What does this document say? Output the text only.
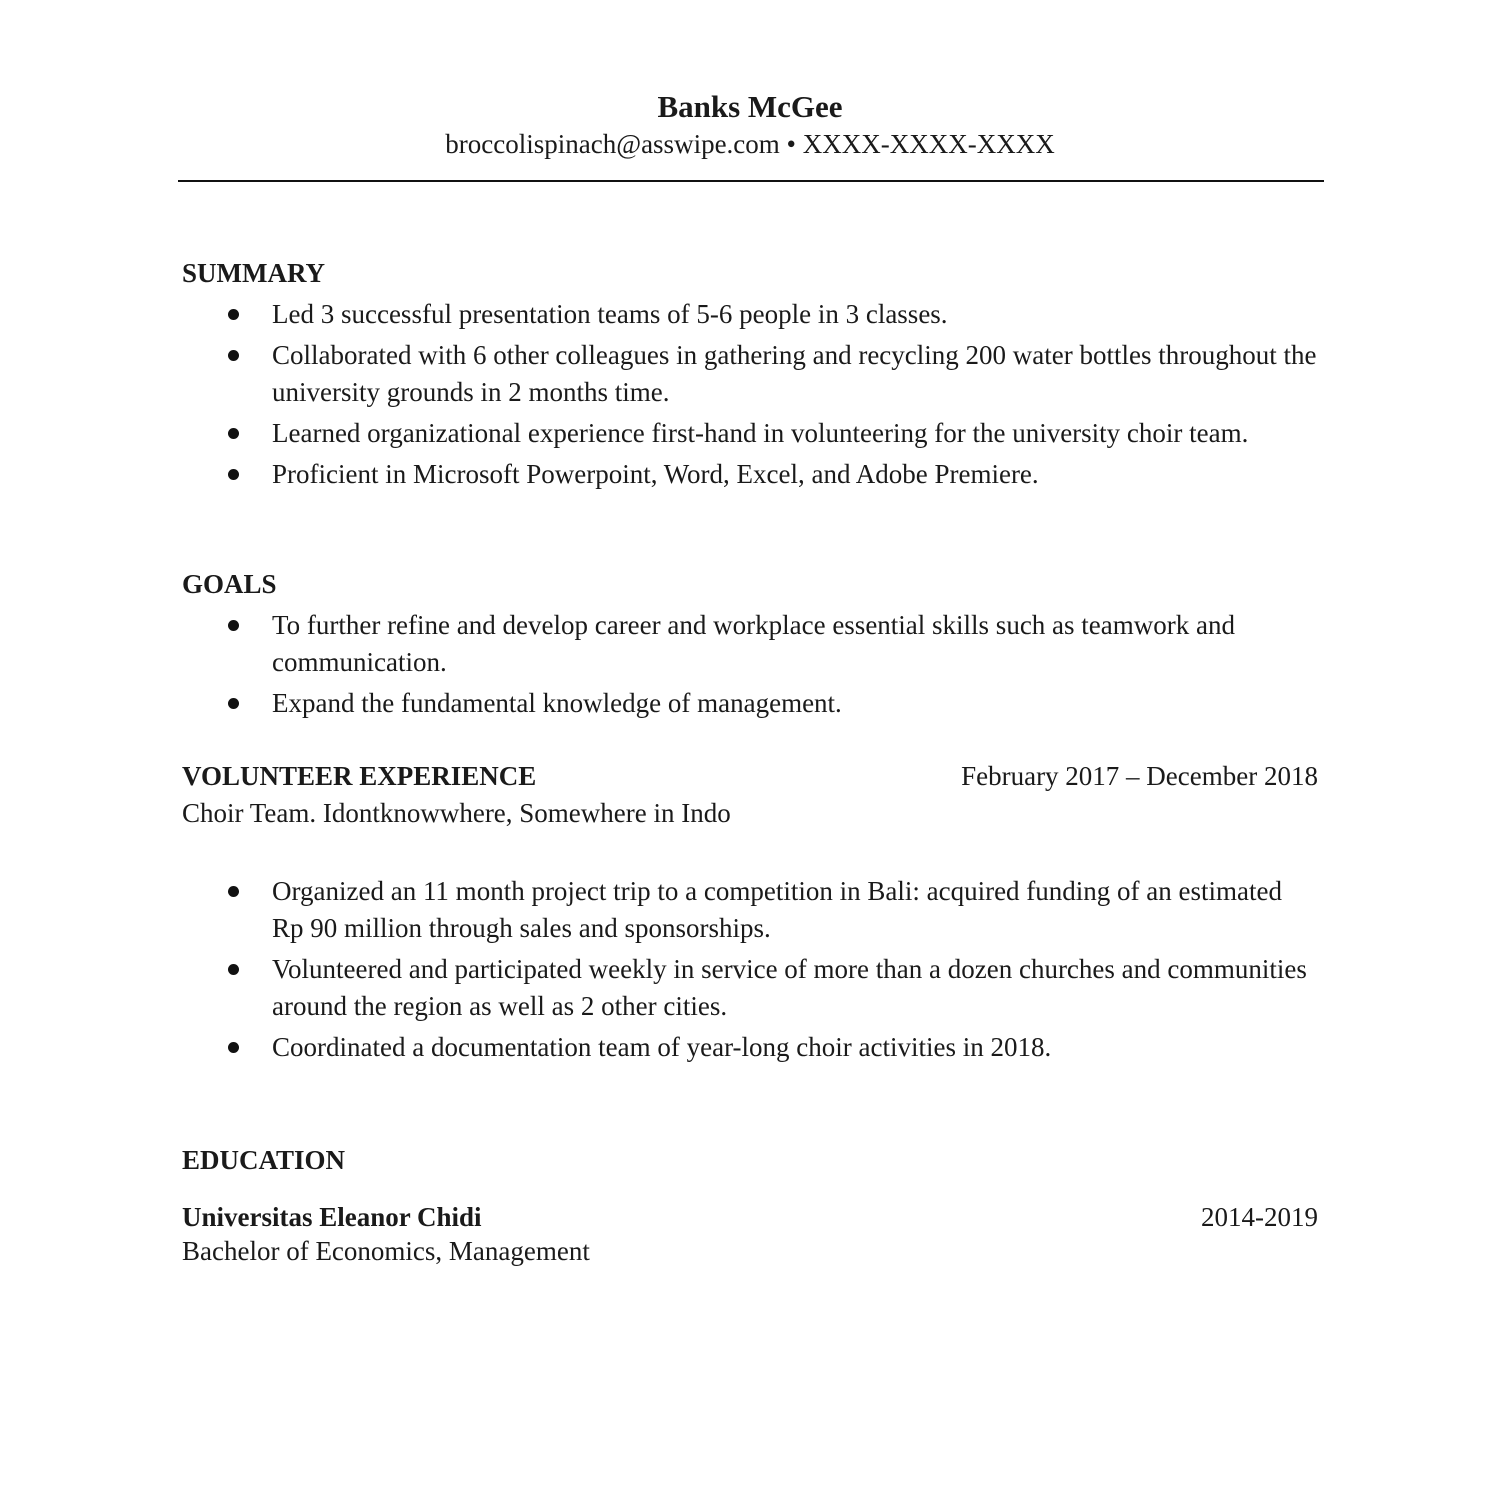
Banks McGee
broccolispinach@asswipe.com • XXXX-XXXX-XXXX
SUMMARY
Led 3 successful presentation teams of 5-6 people in 3 classes.
Collaborated with 6 other colleagues in gathering and recycling 200 water bottles throughout the university grounds in 2 months time.
Learned organizational experience first-hand in volunteering for the university choir team.
Proficient in Microsoft Powerpoint, Word, Excel, and Adobe Premiere.
GOALS
To further refine and develop career and workplace essential skills such as teamwork and communication.
Expand the fundamental knowledge of management.
VOLUNTEER EXPERIENCE	February 2017 – December 2018
Choir Team. Idontknowwhere, Somewhere in Indo
Organized an 11 month project trip to a competition in Bali: acquired funding of an estimated Rp 90 million through sales and sponsorships.
Volunteered and participated weekly in service of more than a dozen churches and communities around the region as well as 2 other cities.
Coordinated a documentation team of year-long choir activities in 2018.
EDUCATION
Universitas Eleanor Chidi	2014-2019
Bachelor of Economics, Management
